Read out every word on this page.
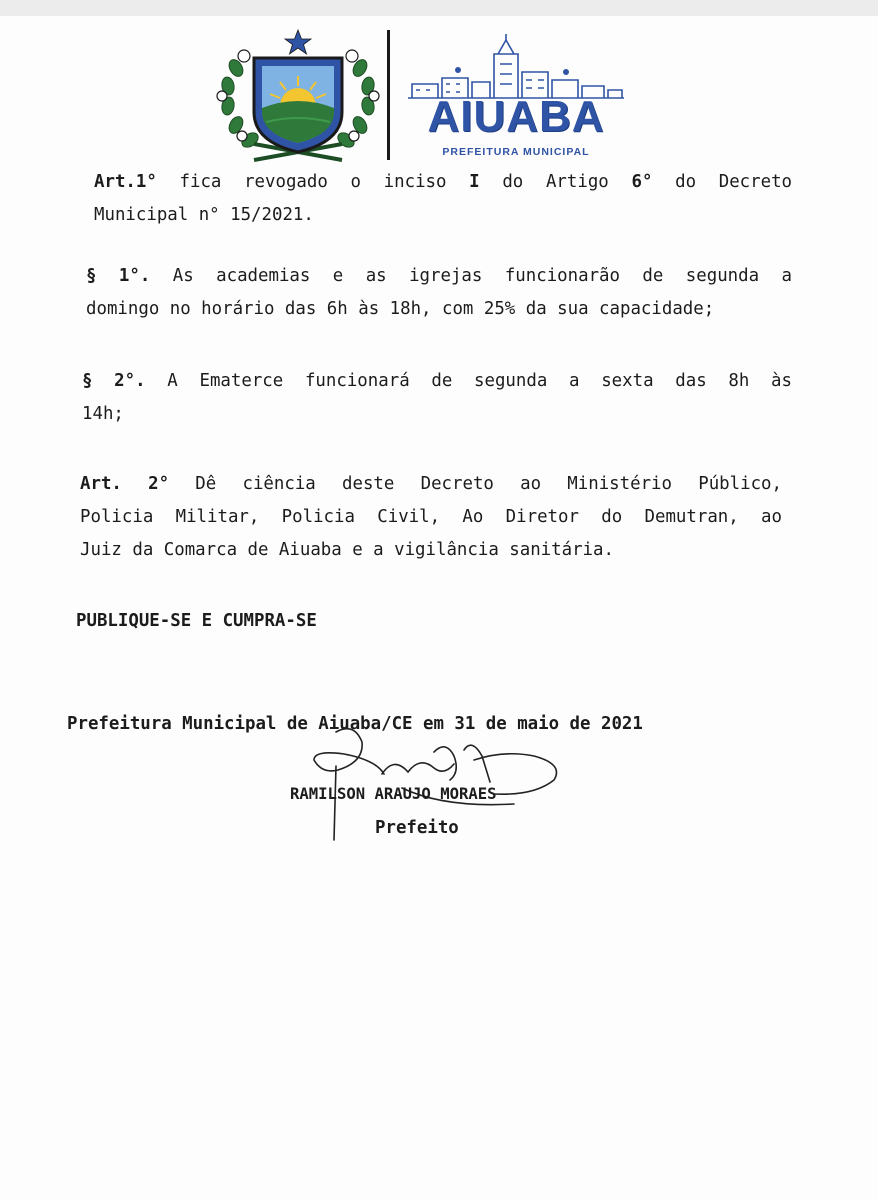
AIUABA
PREFEITURA MUNICIPAL
Art.1° fica revogado o inciso I do Artigo 6° do Decreto
Municipal n° 15/2021.
§ 1°. As academias e as igrejas funcionarão de segunda a
domingo no horário das 6h às 18h, com 25% da sua capacidade;
§ 2°. A Ematerce funcionará de segunda a sexta das 8h às
14h;
Art. 2° Dê ciência deste Decreto ao Ministério Público,
Policia Militar, Policia Civil, Ao Diretor do Demutran, ao
Juiz da Comarca de Aiuaba e a vigilância sanitária.

PUBLIQUE-SE E CUMPRA-SE

Prefeitura Municipal de Aiuaba/CE em 31 de maio de 2021

RAMILSON ARAUJO MORAES

Prefeito
